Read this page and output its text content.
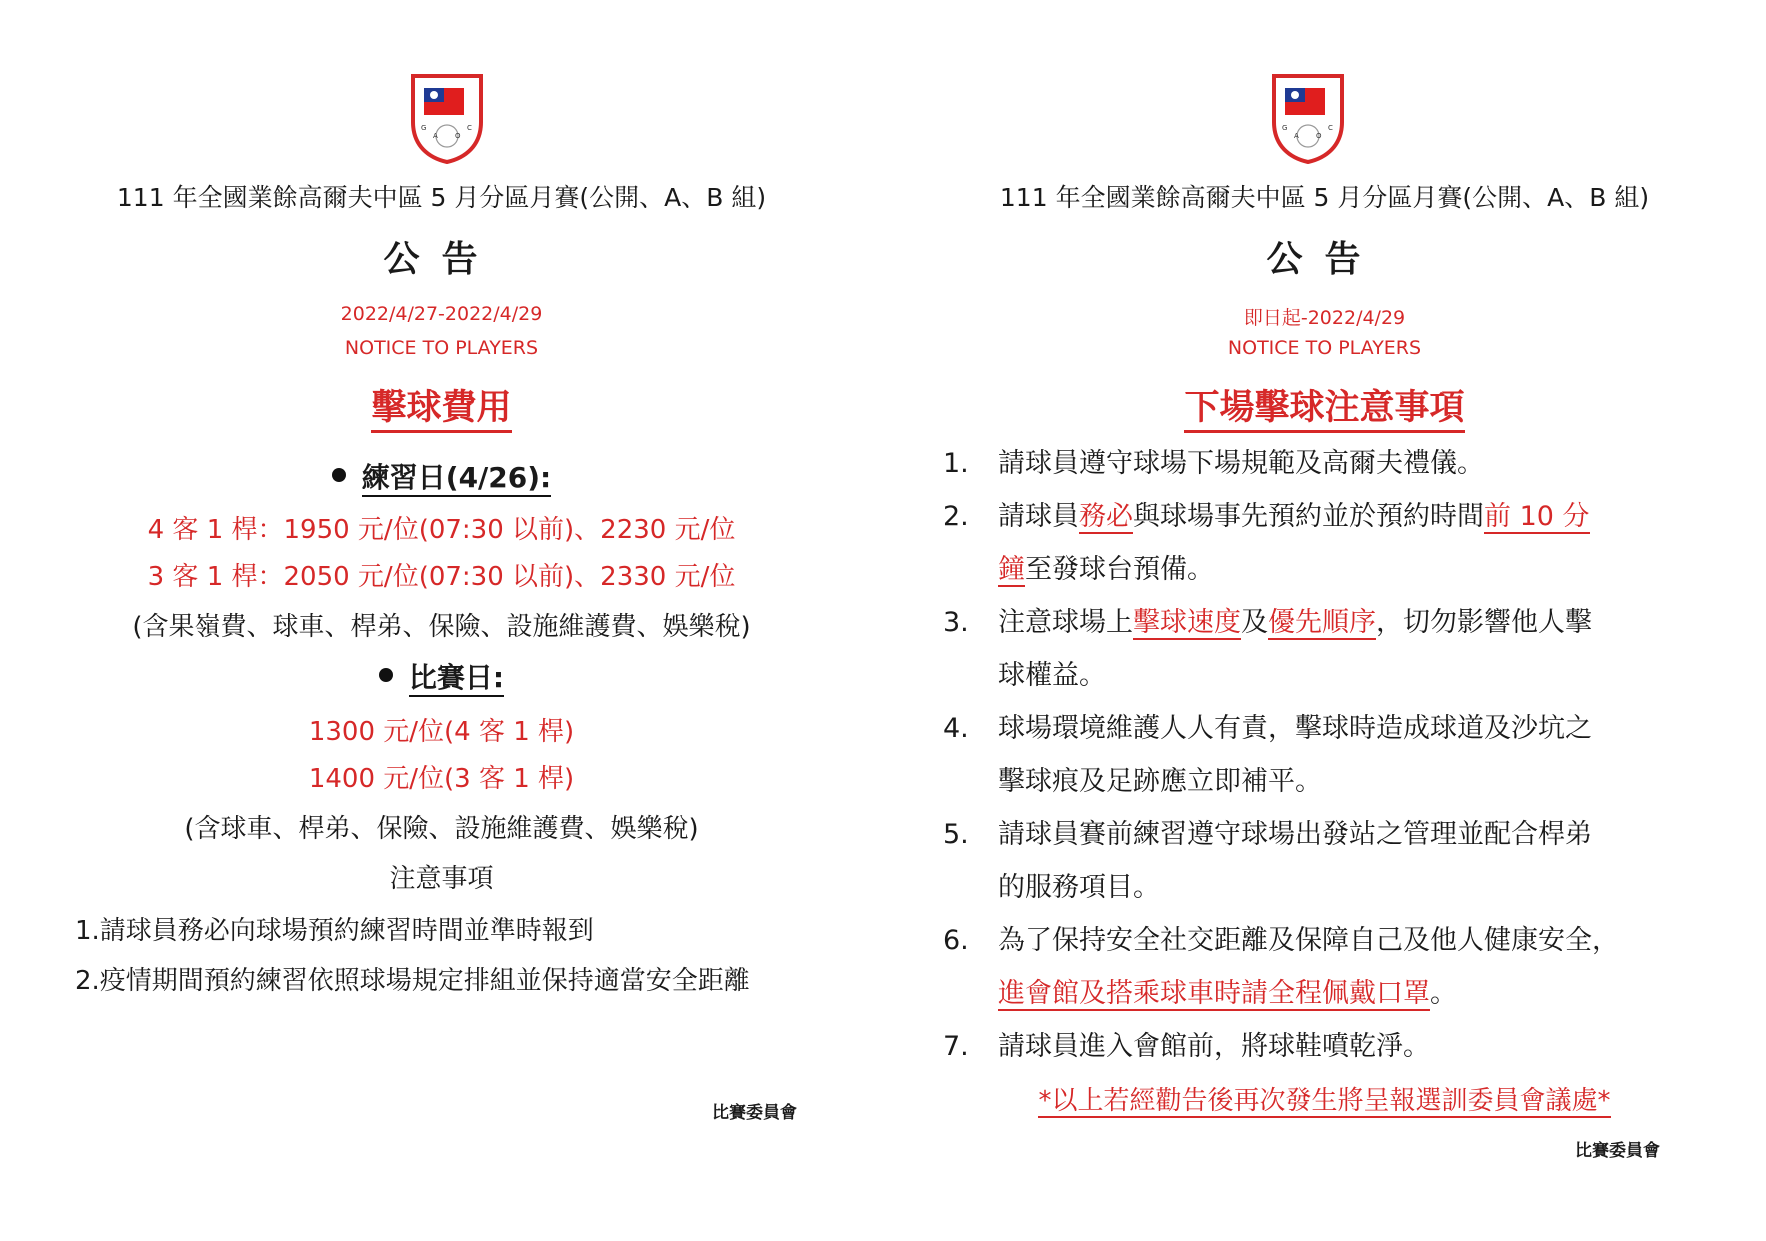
G
A O
C
111 年全國業餘高爾夫中區 5 月分區月賽(公開、A、B 組)
公告
2022/4/27-2022/4/29
NOTICE TO PLAYERS
擊球費用
練習日(4/26):
4 客 1 桿：1950 元/位(07:30 以前)、2230 元/位
3 客 1 桿：2050 元/位(07:30 以前)、2330 元/位
(含果嶺費、球車、桿弟、保險、設施維護費、娛樂稅)
比賽日:
1300 元/位(4 客 1 桿)
1400 元/位(3 客 1 桿)
(含球車、桿弟、保險、設施維護費、娛樂稅)
注意事項
1.請球員務必向球場預約練習時間並準時報到
2.疫情期間預約練習依照球場規定排組並保持適當安全距離
比賽委員會
G
A O
C
111 年全國業餘高爾夫中區 5 月分區月賽(公開、A、B 組)
公告
即日起-2022/4/29
NOTICE TO PLAYERS
下場擊球注意事項
1. 請球員遵守球場下場規範及高爾夫禮儀。
2. 請球員務必與球場事先預約並於預約時間前 10 分
鐘至發球台預備。
3. 注意球場上擊球速度及優先順序，切勿影響他人擊
球權益。
4. 球場環境維護人人有責，擊球時造成球道及沙坑之
擊球痕及足跡應立即補平。
5. 請球員賽前練習遵守球場出發站之管理並配合桿弟
的服務項目。
6. 為了保持安全社交距離及保障自己及他人健康安全，
進會館及搭乘球車時請全程佩戴口罩。
7. 請球員進入會館前，將球鞋噴乾淨。
*以上若經勸告後再次發生將呈報選訓委員會議處*
比賽委員會
